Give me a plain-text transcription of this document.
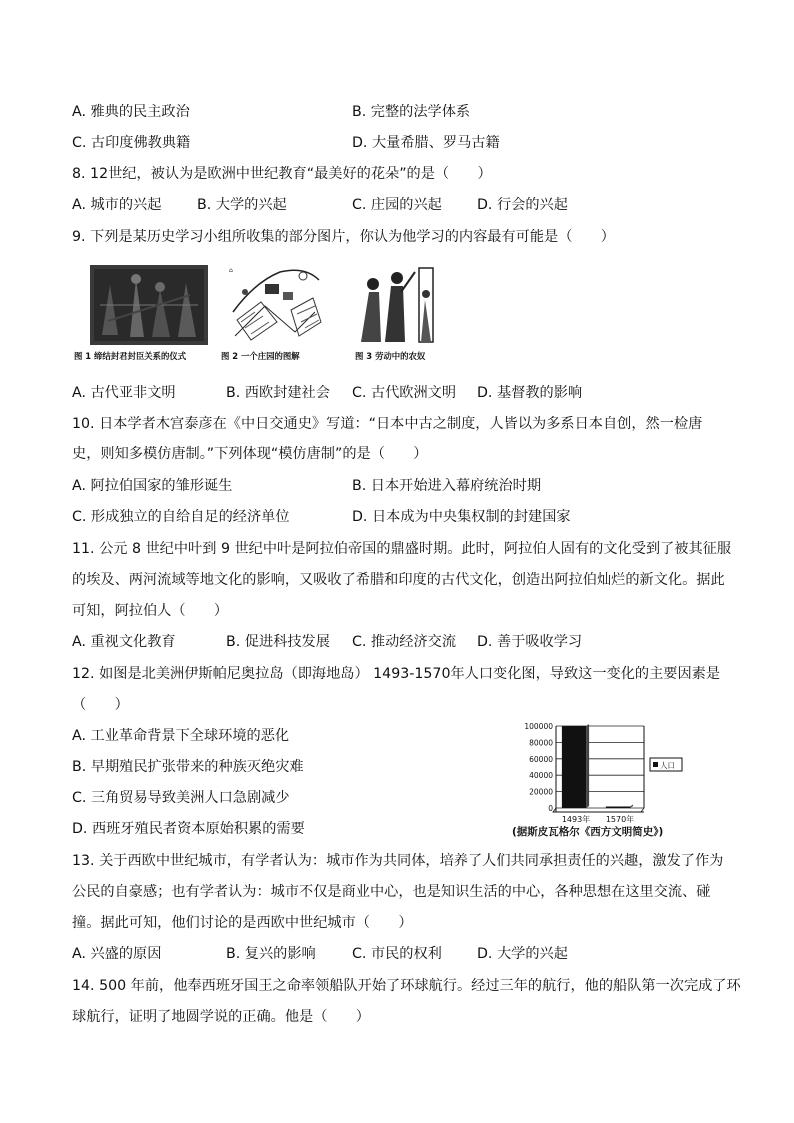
A. 雅典的民主政治	B. 完整的法学体系
C. 古印度佛教典籍	D. 大量希腊、罗马古籍
8. 12世纪，被认为是欧洲中世纪教育“最美好的花朵”的是（　　）
A. 城市的兴起	B. 大学的兴起	C. 庄园的兴起 D. 行会的兴起
9. 下列是某历史学习小组所收集的部分图片，你认为他学习的内容最有可能是（　　）
图 1 缔结封君封臣关系的仪式
⌂
图 2 一个庄园的图解	图 3 劳动中的农奴
A. 古代亚非文明	B. 西欧封建社会 C. 古代欧洲文明 D. 基督教的影响
10. 日本学者木宫泰彦在《中日交通史》写道：“日本中古之制度，人皆以为多系日本自创，然一检唐
史，则知多模仿唐制。”下列体现“模仿唐制”的是（　　）
A. 阿拉伯国家的雏形诞生	B. 日本开始进入幕府统治时期
C. 形成独立的自给自足的经济单位	D. 日本成为中央集权制的封建国家
11. 公元 8 世纪中叶到 9 世纪中叶是阿拉伯帝国的鼎盛时期。此时，阿拉伯人固有的文化受到了被其征服
的埃及、两河流域等地文化的影响，又吸收了希腊和印度的古代文化，创造出阿拉伯灿烂的新文化。据此
可知，阿拉伯人（　　）
A. 重视文化教育	B. 促进科技发展 C. 推动经济交流 D. 善于吸收学习
12. 如图是北美洲伊斯帕尼奥拉岛（即海地岛） 1493-1570年人口变化图，导致这一变化的主要因素是
（　　）
A. 工业革命背景下全球环境的恶化
B. 早期殖民扩张带来的种族灭绝灾难
C. 三角贸易导致美洲人口急剧减少
D. 西班牙殖民者资本原始积累的需要
100000
80000
60000
40000
20000
0
1493年 1570年
人口
(据斯皮瓦格尔《西方文明简史》)
13. 关于西欧中世纪城市，有学者认为：城市作为共同体，培养了人们共同承担责任的兴趣，激发了作为
公民的自豪感；也有学者认为：城市不仅是商业中心，也是知识生活的中心，各种思想在这里交流、碰
撞。据此可知，他们讨论的是西欧中世纪城市（　　）
A. 兴盛的原因	B. 复兴的影响	C. 市民的权利 D. 大学的兴起
14. 500 年前，他奉西班牙国王之命率领船队开始了环球航行。经过三年的航行，他的船队第一次完成了环
球航行，证明了地圆学说的正确。他是（　　）
